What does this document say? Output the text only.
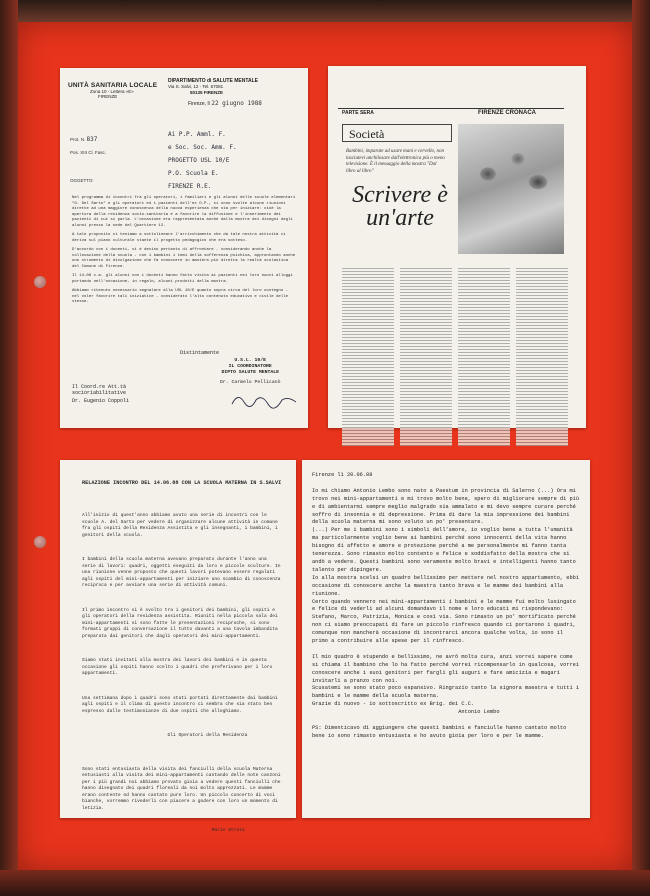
UNITÀ SANITARIA LOCALE
Zona 10 - Lettera «E»
FIRENZE
DIPARTIMENTO di SALUTE MENTALE
Via S. Salvi, 12 - Tel. 67081
50135 FIRENZE
Firenze, lì 22 giugno 1988
Prot. N. 837
Pos. XIII Cl. Fasc.
OGGETTO:
Ai P.P. Amml. F.
e Soc. Soc. Amm. F.
PROGETTO USL 10/E
P.O. Scuola E.
FIRENZE R.E.

Nel programma di incontri fra gli operatori, i familiari e gli alunni delle scuole elementari "G. Del Sarto" e gli operatori ed i pazienti dell'ex O.P., si sono svolte alcune riunioni dirette ad una maggiore conoscenza della nuova esperienza che sta per iniziare: cioè la apertura della residenza socio-sanitaria e a favorire la diffusione e l'inserimento dei pazienti di cui si parla. L'occasione era rappresentata anche dalla mostra dei disegni degli alunni presso la sede del Quartiere 12.

A tale proposito ci teniamo a sottolineare l'arricchimento che da tale nostra attività ci deriva sul piano culturale stante il progetto pedagogico che era sotteso.

D'accordo con i docenti, si è deciso pertanto di affrontare - considerando anche la collocazione della scuola - con i bambini i temi della sofferenza psichica, approntando anche uno strumento di divulgazione che fa conoscere in maniera più diretta la realtà scolastica del Comune di Firenze.

Il 14-06 c.a. gli alunni con i docenti hanno fatto visita ai pazienti nei loro nuovi alloggi portando nell'occasione, in regalo, alcuni prodotti della mostra.

Abbiamo ritenuto necessario segnalare alla USL 10/E quanto sopra circa del loro contegno - nel voler favorire tali iniziative - considerato l'alto contenuto educativo e civile delle stesse.

Distintamente
U.S.L. 10/E
IL COORDINATORE
DIPTO SALUTE MENTALE
Dr. Carmelo Pellicanò
Il Coord.re Att.tà
socioriabilitative
Dr. Eugenio Coppoli
PARTE SERA	FIRENZE CRONACA
Società
Bambini, imparate ad usare mani e cervello, non lasciatevi anchilosare dall'elettronica più o meno televisione. È il messaggio della mostra "Dal libro al libro"
Scrivere è un'arte
RELAZIONE INCONTRO DEL 14.06.88 CON LA SCUOLA MATERNA IN S.SALVI

All'inizio di quest'anno abbiamo avuto una serie di incontri con le scuole A. del Sarto per vedere di organizzare alcune attività in comune fra gli ospiti della Residenza Assistita e gli insegnanti, i bambini, i genitori della scuola.

I bambini della scuola materna avevano preparato durante l'anno una serie di lavori: quadri, oggetti eseguiti da loro e piccole sculture. In una riunione venne proposto che questi lavori potevano essere regalati agli ospiti del mini-appartamenti per iniziare uno scambio di conoscenza reciproca e per avviare una serie di attività comuni.

Il primo incontro si è svolto tra i genitori dei bambini, gli ospiti e gli operatori della residenza assistita. Riuniti nella piccola sala dei mini-appartamenti si sono fatte le presentazioni reciproche, si sono formati gruppi di conversazione il tutto davanti a una tavola imbandita preparata dai genitori che dagli operatori dei mini-appartamenti.

Siamo stati invitati alla mostra dei lavori dei bambini e in questa occasione gli ospiti hanno scelto i quadri che preferivano per i loro appartamenti.

Una settimana dopo i quadri sono stati portati direttamente dai bambini agli ospiti e il clima di questo incontro ci sembra che sia stato ben espresso dalle testimonianze di due ospiti che alleghiamo.

Gli Operatori della Residenza

Sono stati entusiasta della visita dei fanciulli della scuola Materna entusiasti alla visita dei mini-appartamenti cantando delle note canzoni per i più grandi noi abbiamo provato gioia a vedere questi fanciulli che hanno disegnato dei quadri floreali da noi molto apprezzati. Le mamme erano contente ed hanno cantato pure loro. Un piccolo concerto di voci bianche, vorremmo rivederli con piacere a godere con loro un momento di letizia.

Mario Strata

Firenze lì 20.06.88

Io mi chiamo Antonio Lembo sono nato a Paestum in provincia di Salerno (...) Ora mi trovo nei mini-appartamenti e mi trovo molto bene, spero di migliorare sempre di più e di ambientarmi sempre meglio malgrado sia ammalato e mi devo sempre curare perché soffro di insonnia e di depressione. Prima di dare la mia impressione dei bambini della scuola materna mi sono voluto un po' presentare.
(...) Per me i bambini sono i simboli dell'amore, io voglio bene a tutta l'umanità ma particolarmente voglio bene ai bambini perché sono innocenti della vita hanno bisogno di affetto e amore e protezione perché a me personalmente mi fanno tanta tenerezza. Sono rimasto molto contento e felice e soddisfatto della mostra che si andò a vedere. Questi bambini sono veramente molto bravi e intelligenti hanno tanto talento per dipingere.
Io alla mostra scelsi un quadro bellissimo per mettere nel nostro appartamento, ebbi occasione di conoscere anche la maestra tanto brava e le mamme dei bambini alla riunione.
Certo quando vennero nei mini-appartamenti i bambini e le mamme fui molto lusingato e felice di vederli ad alcuni domandavo il nome e loro educati mi rispondevano: Stefano, Marco, Patrizia, Monica e così via. Sono rimasto un po' mortificato perché non ci siamo preoccupati di fare un piccolo rinfresco quando ci portarono i quadri, comunque non mancherà occasione di incontrarci ancora qualche volta, io sono il primo a contribuire alle spese per il rinfresco.

Il mio quadro è stupendo e bellissimo, ne avrò molta cura, anzi vorrei sapere come si chiama il bambino che lo ha fatto perché vorrei ricompensarlo in qualcosa, vorrei conoscere anche i suoi genitori per fargli gli auguri e fare amicizia e magari invitarli a pranzo con noi.
Scusatemi se sono stato poco espansivo. Ringrazio tanto la signora maestra e tutti i bambini e le mamme della scuola materna.
Grazie di nuovo - io sottoscritto ex Brig. dei C.C.
Antonio Lembo

PS: Dimenticavo di aggiungere che questi bambini e fanciulle hanno cantato molto bene io sono rimasto entusiasta e ho avuto gioia per loro e per le mamme.
